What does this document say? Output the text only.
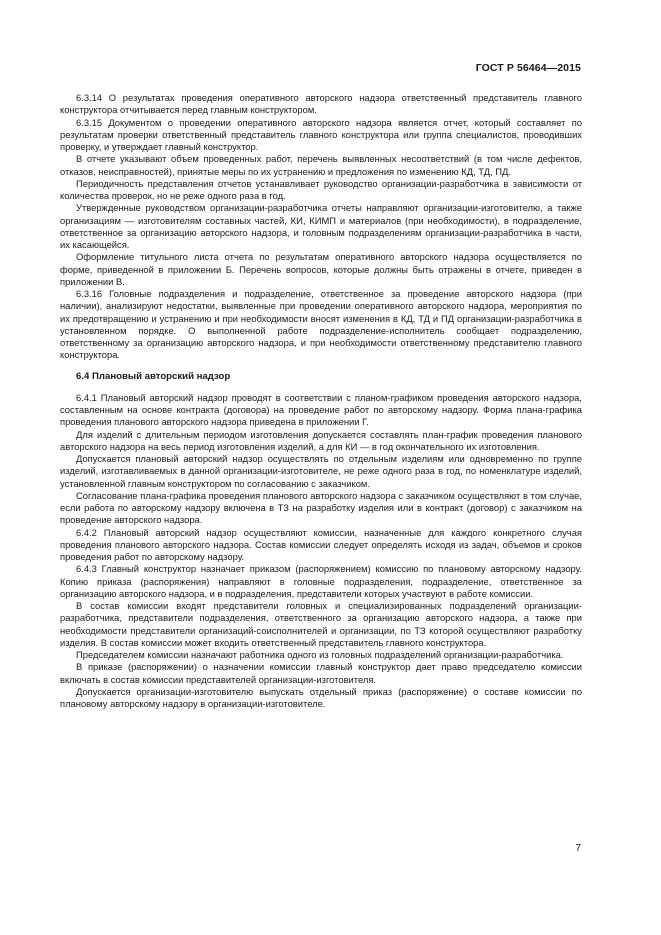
ГОСТ Р 56464—2015

6.3.14 О результатах проведения оперативного авторского надзора ответственный представитель главного конструктора отчитывается перед главным конструктором.

6.3.15 Документом о проведении оперативного авторского надзора является отчет, который составляет по результатам проверки ответственный представитель главного конструктора или группа специалистов, проводивших проверку, и утверждает главный конструктор.

В отчете указывают объем проведенных работ, перечень выявленных несоответствий (в том числе дефектов, отказов, неисправностей), принятые меры по их устранению и предложения по изменению КД, ТД, ПД.

Периодичность представления отчетов устанавливает руководство организации-разработчика в зависимости от количества проверок, но не реже одного раза в год.

Утвержденные руководством организации-разработчика отчеты направляют организации-изготовителю, а также организациям — изготовителям составных частей, КИ, КИМП и материалов (при необходимости), в подразделение, ответственное за организацию авторского надзора, и головным подразделениям организации-разработчика в части, их касающейся.

Оформление титульного листа отчета по результатам оперативного авторского надзора осуществляется по форме, приведенной в приложении Б. Перечень вопросов, которые должны быть отражены в отчете, приведен в приложении В.

6.3.16 Головные подразделения и подразделение, ответственное за проведение авторского надзора (при наличии), анализируют недостатки, выявленные при проведении оперативного авторского надзора, мероприятия по их предотвращению и устранению и при необходимости вносят изменения в КД, ТД и ПД организации-разработчика в установленном порядке. О выполненной работе подразделение-исполнитель сообщает подразделению, ответственному за организацию авторского надзора, и при необходимости ответственному представителю главного конструктора.

6.4 Плановый авторский надзор

6.4.1 Плановый авторский надзор проводят в соответствии с планом-графиком проведения авторского надзора, составленным на основе контракта (договора) на проведение работ по авторскому надзору. Форма плана-графика проведения планового авторского надзора приведена в приложении Г.

Для изделий с длительным периодом изготовления допускается составлять план-график проведения планового авторского надзора на весь период изготовления изделий, а для КИ — в год окончательного их изготовления.

Допускается плановый авторский надзор осуществлять по отдельным изделиям или одновременно по группе изделий, изготавливаемых в данной организации-изготовителе, не реже одного раза в год, по номенклатуре изделий, установленной главным конструктором по согласованию с заказчиком.

Согласование плана-графика проведения планового авторского надзора с заказчиком осуществляют в том случае, если работа по авторскому надзору включена в ТЗ на разработку изделия или в контракт (договор) с заказчиком на проведение авторского надзора.

6.4.2 Плановый авторский надзор осуществляют комиссии, назначенные для каждого конкретного случая проведения планового авторского надзора. Состав комиссии следует определять исходя из задач, объемов и сроков проведения работ по авторскому надзору.

6.4.3 Главный конструктор назначает приказом (распоряжением) комиссию по плановому авторскому надзору. Копию приказа (распоряжения) направляют в головные подразделения, подразделение, ответственное за организацию авторского надзора, и в подразделения, представители которых участвуют в работе комиссии.

В состав комиссии входят представители головных и специализированных подразделений организации-разработчика, представители подразделения, ответственного за организацию авторского надзора, а также при необходимости представители организаций-соисполнителей и организации, по ТЗ которой осуществляют разработку изделия. В состав комиссии может входить ответственный представитель главного конструктора.

Председателем комиссии назначают работника одного из головных подразделений организации-разработчика.

В приказе (распоряжении) о назначении комиссии главный конструктор дает право председателю комиссии включать в состав комиссии представителей организации-изготовителя.

Допускается организации-изготовителю выпускать отдельный приказ (распоряжение) о составе комиссии по плановому авторскому надзору в организации-изготовителе.

7
